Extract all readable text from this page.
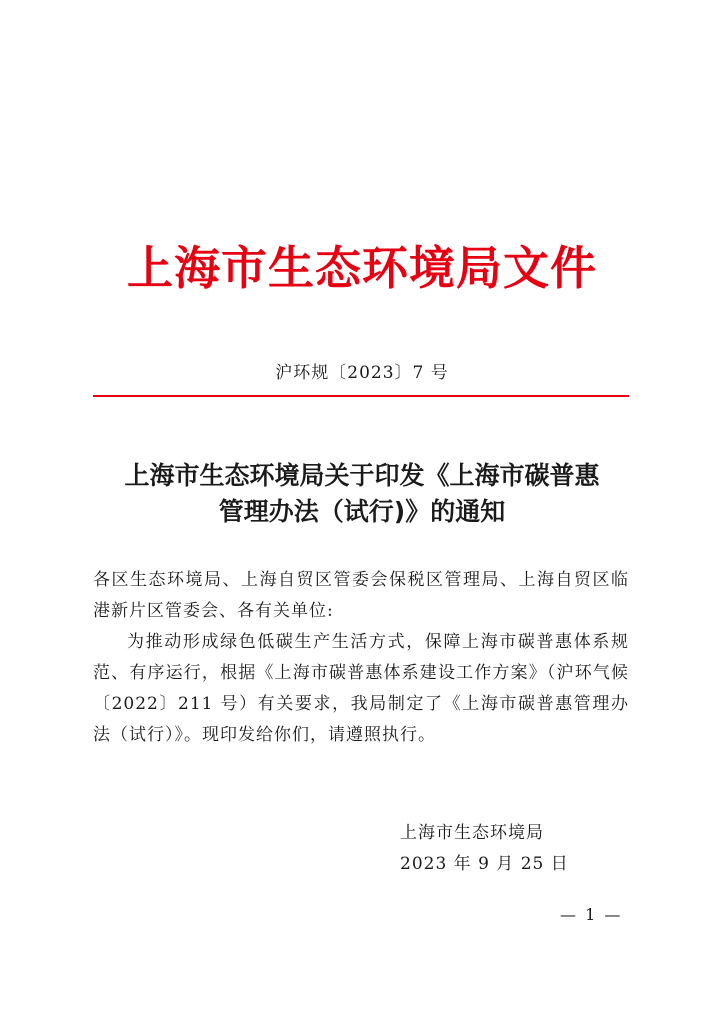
上海市生态环境局文件
沪环规〔2023〕7 号
上海市生态环境局关于印发《上海市碳普惠
管理办法（试行)》的通知

各区生态环境局、上海自贸区管委会保税区管理局、上海自贸区临港新片区管委会、各有关单位:

为推动形成绿色低碳生产生活方式，保障上海市碳普惠体系规范、有序运行，根据《上海市碳普惠体系建设工作方案》（沪环气候〔2022〕211 号）有关要求，我局制定了《上海市碳普惠管理办法（试行）》。现印发给你们，请遵照执行。

上海市生态环境局
2023 年 9 月 25 日
— 1 —
